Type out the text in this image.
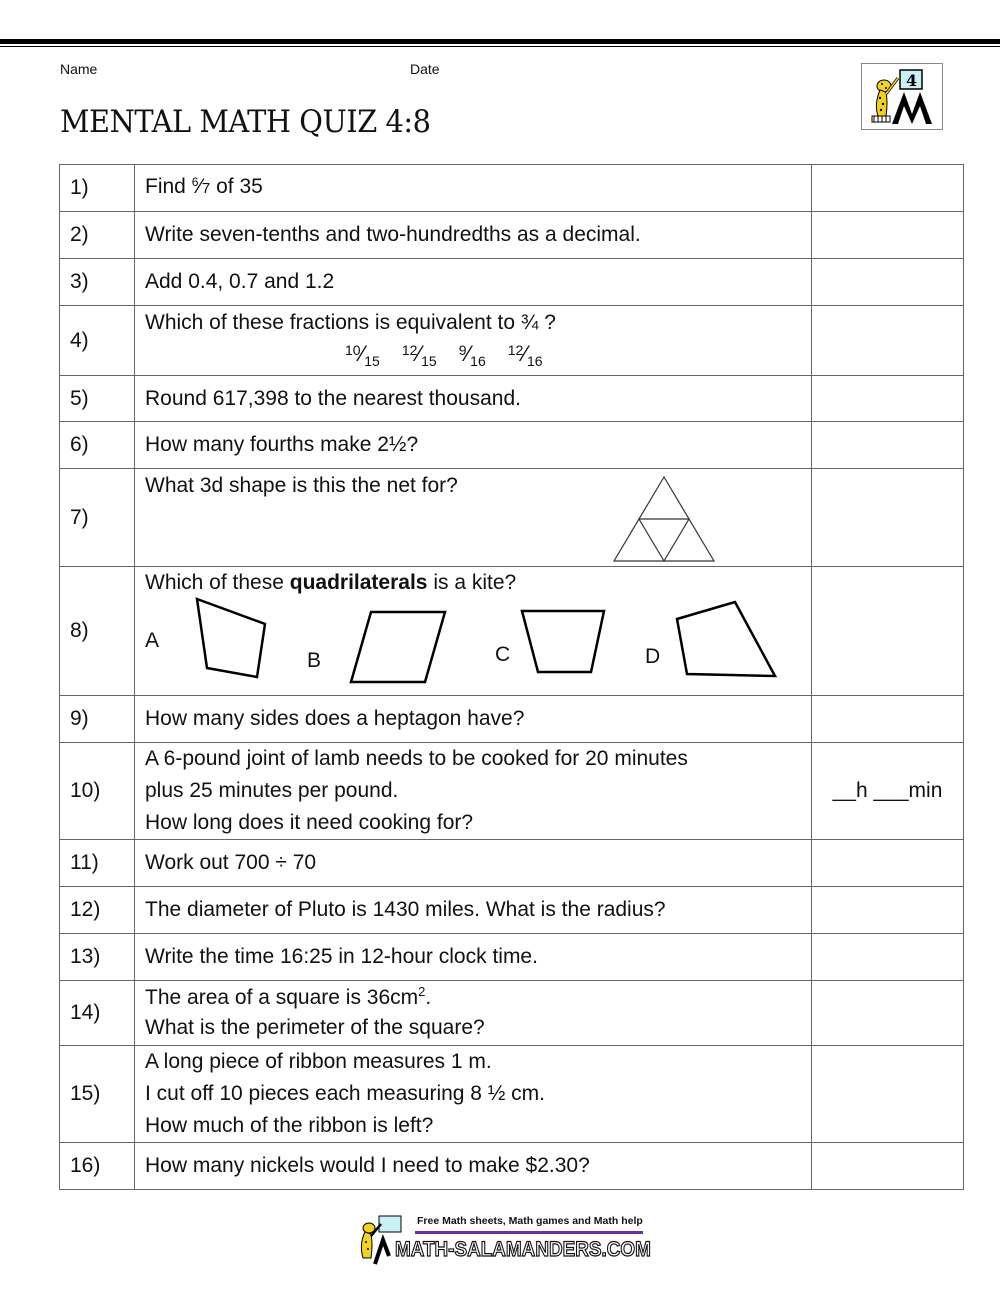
Name	Date
MENTAL MATH QUIZ 4:8
4
1)	Find $^6$⁄7 of 35	

2)	Write seven-tenths and two-hundredths as a decimal.	
3)	Add 0.4, 0.7 and 1.2	
4)	Which of these fractions is equivalent to ¾ ?
$^{10}⁄_{15}^{12}⁄_{15}^9⁄_{16}^{12}⁄_{16}$

5)	Round 617,398 to the nearest thousand.	
6)	How many fourths make 2½?	
7)	What 3d shape is this the net for?	

8)	Which of these quadrilaterals is a kite?
A
B C D	

9)	How many sides does a heptagon have?	
10)	A 6-pound joint of lamb needs to be cooked for 20 minutes
plus 25 minutes per pound.
How long does it need cooking for?	__h ___min
11)	Work out 700 ÷ 70	
12)	The diameter of Pluto is 1430 miles. What is the radius?	
13)	Write the time 16:25 in 12-hour clock time.	
14)	The area of a square is $36cm^2$.
What is the perimeter of the square?	

15)	A long piece of ribbon measures 1 m.
I cut off 10 pieces each measuring 8 ½ cm.
How much of the ribbon is left?	

16)	How many nickels would I need to make $2.30?	
Free Math sheets, Math games and Math help
MATH-SALAMANDERS.COM
